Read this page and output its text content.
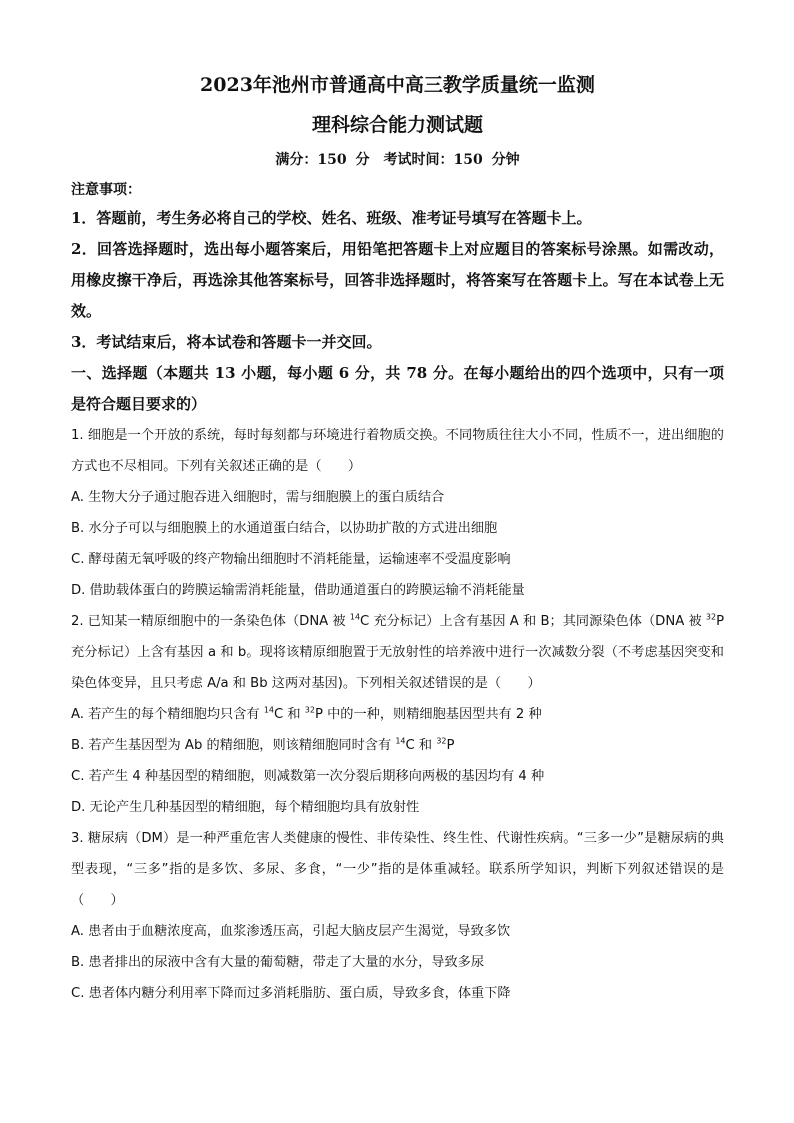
2023年池州市普通高中高三教学质量统一监测
理科综合能力测试题

满分：150 分　考试时间：150 分钟

注意事项：

1．答题前，考生务必将自己的学校、姓名、班级、准考证号填写在答题卡上。

2．回答选择题时，选出每小题答案后，用铅笔把答题卡上对应题目的答案标号涂黑。如需改动，用橡皮擦干净后，再选涂其他答案标号，回答非选择题时，将答案写在答题卡上。写在本试卷上无效。

3．考试结束后，将本试卷和答题卡一并交回。

一、选择题（本题共 13 小题，每小题 6 分，共 78 分。在每小题给出的四个选项中，只有一项是符合题目要求的）

1. 细胞是一个开放的系统，每时每刻都与环境进行着物质交换。不同物质往往大小不同，性质不一，进出细胞的方式也不尽相同。下列有关叙述正确的是（　　）

A. 生物大分子通过胞吞进入细胞时，需与细胞膜上的蛋白质结合

B. 水分子可以与细胞膜上的水通道蛋白结合，以协助扩散的方式进出细胞

C. 酵母菌无氧呼吸的终产物输出细胞时不消耗能量，运输速率不受温度影响

D. 借助载体蛋白的跨膜运输需消耗能量，借助通道蛋白的跨膜运输不消耗能量

2. 已知某一精原细胞中的一条染色体（DNA 被 $^{14}$C 充分标记）上含有基因 A 和 B；其同源染色体（DNA 被 $^{32}$P 充分标记）上含有基因 a 和 b。现将该精原细胞置于无放射性的培养液中进行一次减数分裂（不考虑基因突变和染色体变异，且只考虑 A/a 和 Bb 这两对基因)。下列相关叙述错误的是（　　）

A. 若产生的每个精细胞均只含有 $^{14}$C 和 $^{32}$P 中的一种，则精细胞基因型共有 2 种

B. 若产生基因型为 Ab 的精细胞，则该精细胞同时含有 $^{14}$C 和 $^{32}$P

C. 若产生 4 种基因型的精细胞，则减数第一次分裂后期移向两极的基因均有 4 种

D. 无论产生几种基因型的精细胞，每个精细胞均具有放射性

3. 糖尿病（DM）是一种严重危害人类健康的慢性、非传染性、终生性、代谢性疾病。“三多一少”是糖尿病的典型表现，“三多”指的是多饮、多尿、多食，“一少”指的是体重减轻。联系所学知识，判断下列叙述错误的是（　　）

A. 患者由于血糖浓度高，血浆渗透压高，引起大脑皮层产生渴觉，导致多饮

B. 患者排出的尿液中含有大量的葡萄糖，带走了大量的水分，导致多尿

C. 患者体内糖分利用率下降而过多消耗脂肪、蛋白质，导致多食，体重下降
